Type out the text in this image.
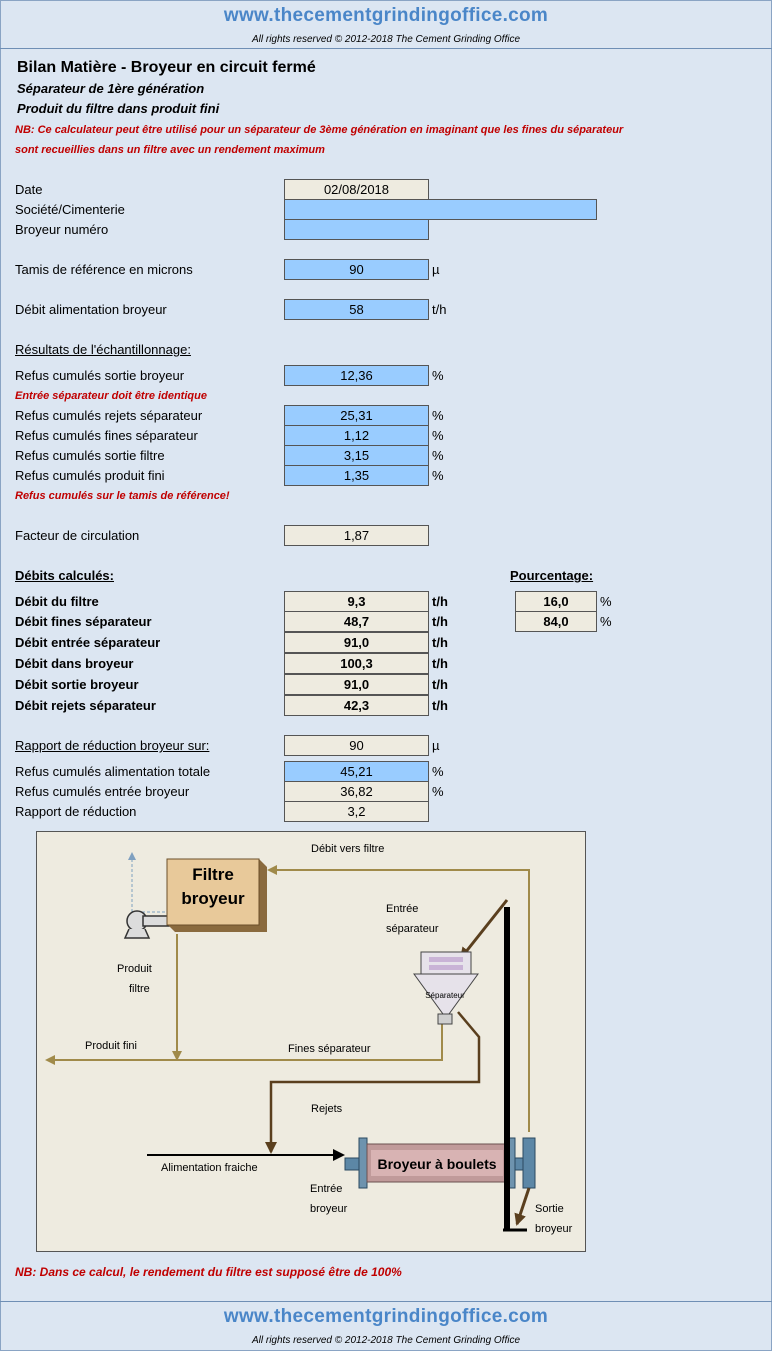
www.thecementgrindingoffice.com
All rights reserved © 2012-2018 The Cement Grinding Office
Bilan Matière - Broyeur en circuit fermé
Séparateur de 1ère génération
Produit du filtre dans produit fini
NB: Ce calculateur peut être utilisé pour un séparateur de 3ème génération en imaginant que les fines du séparateur
sont recueillies dans un filtre avec un rendement maximum
Date	02/08/2018
Société/Cimenterie
Broyeur numéro
Tamis de référence en microns	90	µ
Débit alimentation broyeur	58	t/h
Résultats de l'échantillonnage:
Refus cumulés sortie broyeur	12,36	%
Entrée séparateur doit être identique
Refus cumulés rejets séparateur	25,31	%
Refus cumulés fines séparateur	1,12	%
Refus cumulés sortie filtre	3,15	%
Refus cumulés produit fini	1,35	%
Refus cumulés sur le tamis de référence!
Facteur de circulation	1,87
Débits calculés:	Pourcentage:
Débit du filtre	9,3	t/h	16,0	%
Débit fines séparateur	48,7	t/h	84,0	%
Débit entrée séparateur	91,0	t/h
Débit dans broyeur	100,3	t/h
Débit sortie broyeur	91,0	t/h
Débit rejets séparateur	42,3	t/h
Rapport de réduction broyeur sur:	90	µ
Refus cumulés alimentation totale	45,21	%
Refus cumulés entrée broyeur	36,82	%
Rapport de réduction	3,2
Filtre
broyeur
Débit vers filtre
Produit
filtre
Produit fini	Fines séparateur
Entrée
séparateur
Séparateur
Rejets
Alimentation fraiche	Broyeur à boulets
Entrée
broyeur	Sortie
broyeur
NB: Dans ce calcul, le rendement du filtre est supposé être de 100%
www.thecementgrindingoffice.com
All rights reserved © 2012-2018 The Cement Grinding Office
